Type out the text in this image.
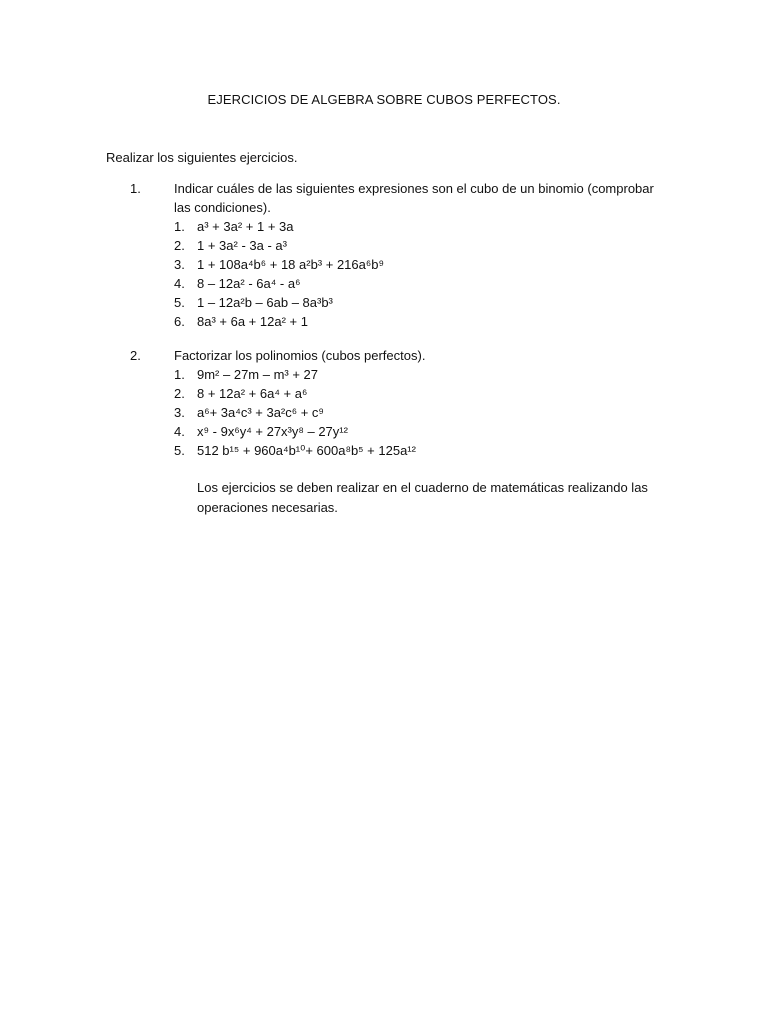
EJERCICIOS DE ALGEBRA SOBRE CUBOS PERFECTOS.
Realizar los siguientes ejercicios.
1.	Indicar cuáles de las siguientes expresiones son el cubo de un binomio (comprobar las condiciones).
1. a³ + 3a² + 1 + 3a
2. 1 + 3a² - 3a - a³
3. 1 + 108a⁴b⁶ + 18 a²b³ + 216a⁶b⁹
4. 8 – 12a² - 6a⁴ - a⁶
5. 1 – 12a²b – 6ab – 8a³b³
6. 8a³ + 6a + 12a² + 1
2.	Factorizar los polinomios (cubos perfectos).
1. 9m² – 27m – m³ + 27
2. 8 + 12a² + 6a⁴ + a⁶
3. a⁶+ 3a⁴c³ + 3a²c⁶ + c⁹
4. x⁹ - 9x⁶y⁴ + 27x³y⁸ – 27y¹²
5. 512 b¹⁵ + 960a⁴b¹⁰+ 600a⁸b⁵ + 125a¹²
Los ejercicios se deben realizar en el cuaderno de matemáticas realizando las operaciones necesarias.
